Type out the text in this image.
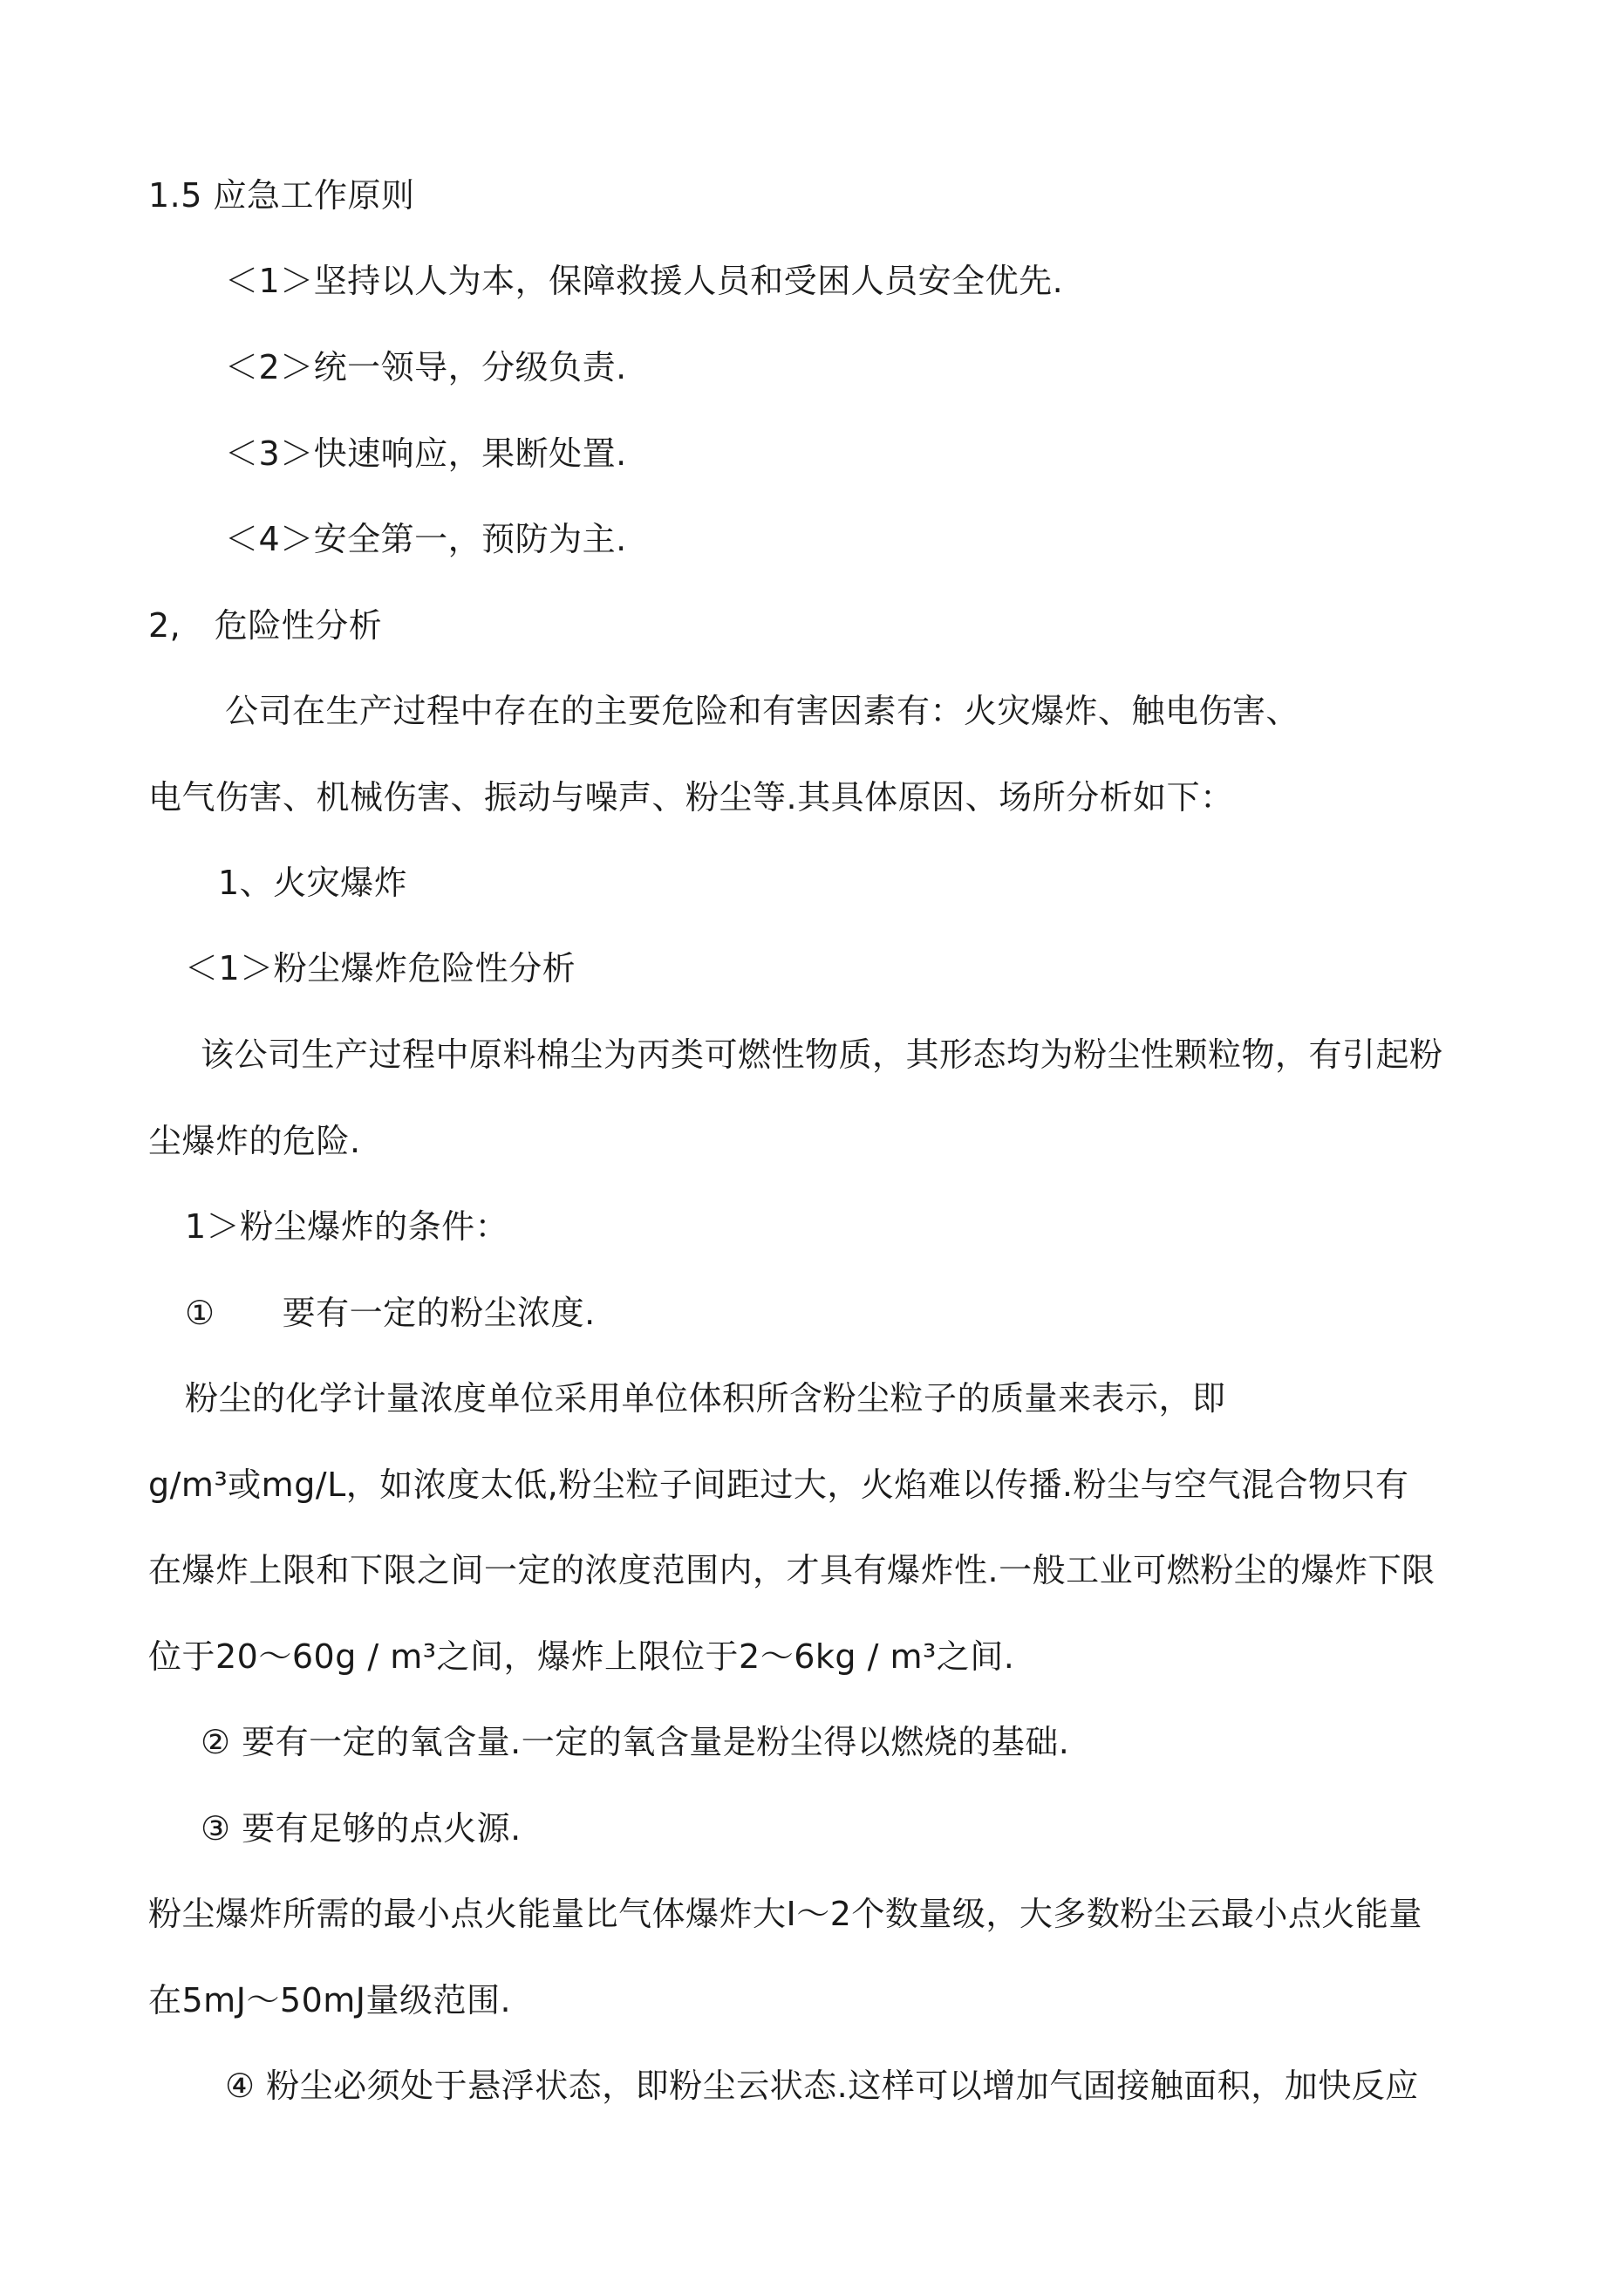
1.5 应急工作原则
＜1＞坚持以人为本，保障救援人员和受困人员安全优先.
＜2＞统一领导，分级负责.
＜3＞快速响应，果断处置.
＜4＞安全第一，预防为主.
2,　危险性分析
公司在生产过程中存在的主要危险和有害因素有：火灾爆炸、触电伤害、
电气伤害、机械伤害、振动与噪声、粉尘等.其具体原因、场所分析如下：
1、火灾爆炸
＜1＞粉尘爆炸危险性分析
该公司生产过程中原料棉尘为丙类可燃性物质，其形态均为粉尘性颗粒物，有引起粉
尘爆炸的危险.
1＞粉尘爆炸的条件：
①　　要有一定的粉尘浓度.
粉尘的化学计量浓度单位采用单位体积所含粉尘粒子的质量来表示，即
g/m³或mg/L，如浓度太低,粉尘粒子间距过大，火焰难以传播.粉尘与空气混合物只有
在爆炸上限和下限之间一定的浓度范围内，才具有爆炸性.一般工业可燃粉尘的爆炸下限
位于20〜60g / m³之间，爆炸上限位于2〜6kg / m³之间.
② 要有一定的氧含量.一定的氧含量是粉尘得以燃烧的基础.
③ 要有足够的点火源.
粉尘爆炸所需的最小点火能量比气体爆炸大Ⅰ〜2个数量级，大多数粉尘云最小点火能量
在5mJ〜50mJ量级范围.
④ 粉尘必须处于悬浮状态，即粉尘云状态.这样可以增加气固接触面积，加快反应
